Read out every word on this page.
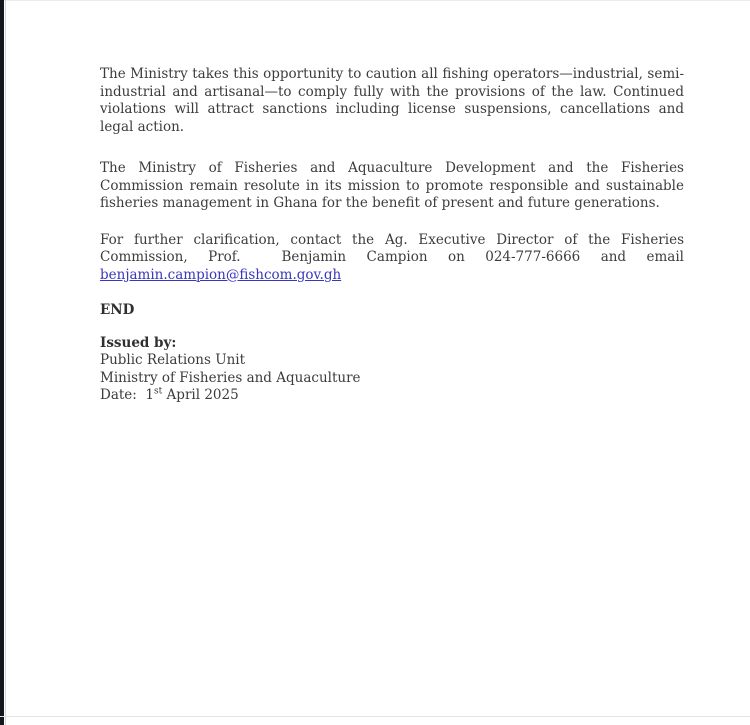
The Ministry takes this opportunity to caution all fishing operators—industrial, semi-industrial and artisanal—to comply fully with the provisions of the law. Continued violations will attract sanctions including license suspensions, cancellations and legal action.

The Ministry of Fisheries and Aquaculture Development and the Fisheries Commission remain resolute in its mission to promote responsible and sustainable fisheries management in Ghana for the benefit of present and future generations.

For further clarification, contact the Ag. Executive Director of the Fisheries Commission, Prof.  Benjamin Campion on 024-777-6666 and email benjamin.campion@fishcom.gov.gh

END

Issued by:
Public Relations Unit
Ministry of Fisheries and Aquaculture
Date:  1st April 2025
